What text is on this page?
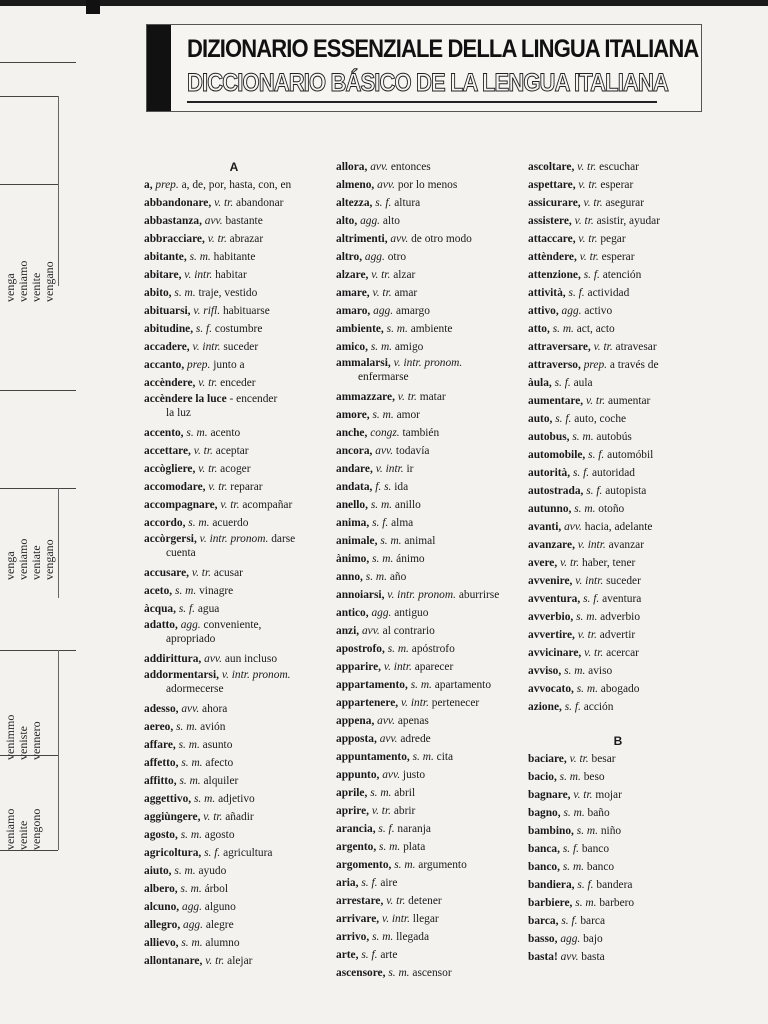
venga veniamo venite vengano
venga veniamo veniate vengano
venimmo veniste vennero
veniamo venite vengono
DIZIONARIO ESSENZIALE DELLA LINGUA ITALIANA
DICCIONARIO BÁSICO DE LA LENGUA ITALIANA
A
a, prep. a, de, por, hasta, con, en
abbandonare, v. tr. abandonar
abbastanza, avv. bastante
abbracciare, v. tr. abrazar
abitante, s. m. habitante
abitare, v. intr. habitar
abito, s. m. traje, vestido
abituarsi, v. rifl. habituarse
abitudine, s. f. costumbre
accadere, v. intr. suceder
accanto, prep. junto a
accèndere, v. tr. enceder
accèndere la luce - encender
la luz
accento, s. m. acento
accettare, v. tr. aceptar
accògliere, v. tr. acoger
accomodare, v. tr. reparar
accompagnare, v. tr. acompañar
accordo, s. m. acuerdo
accòrgersi, v. intr. pronom. darse
cuenta
accusare, v. tr. acusar
aceto, s. m. vinagre
àcqua, s. f. agua
adatto, agg. conveniente,
apropriado
addirittura, avv. aun incluso
addormentarsi, v. intr. pronom.
adormecerse
adesso, avv. ahora
aereo, s. m. avión
affare, s. m. asunto
affetto, s. m. afecto
affitto, s. m. alquiler
aggettivo, s. m. adjetivo
aggiùngere, v. tr. añadir
agosto, s. m. agosto
agricoltura, s. f. agricultura
aiuto, s. m. ayudo
albero, s. m. árbol
alcuno, agg. alguno
allegro, agg. alegre
allievo, s. m. alumno
allontanare, v. tr. alejar
allora, avv. entonces
almeno, avv. por lo menos
altezza, s. f. altura
alto, agg. alto
altrimenti, avv. de otro modo
altro, agg. otro
alzare, v. tr. alzar
amare, v. tr. amar
amaro, agg. amargo
ambiente, s. m. ambiente
amico, s. m. amigo
ammalarsi, v. intr. pronom.
enfermarse
ammazzare, v. tr. matar
amore, s. m. amor
anche, congz. también
ancora, avv. todavía
andare, v. intr. ir
andata, f. s. ida
anello, s. m. anillo
anima, s. f. alma
animale, s. m. animal
ànimo, s. m. ánimo
anno, s. m. año
annoiarsi, v. intr. pronom. aburrirse
antico, agg. antiguo
anzi, avv. al contrario
apostrofo, s. m. apóstrofo
apparire, v. intr. aparecer
appartamento, s. m. apartamento
appartenere, v. intr. pertenecer
appena, avv. apenas
apposta, avv. adrede
appuntamento, s. m. cita
appunto, avv. justo
aprile, s. m. abril
aprire, v. tr. abrir
arancia, s. f. naranja
argento, s. m. plata
argomento, s. m. argumento
aria, s. f. aire
arrestare, v. tr. detener
arrivare, v. intr. llegar
arrivo, s. m. llegada
arte, s. f. arte
ascensore, s. m. ascensor
ascoltare, v. tr. escuchar
aspettare, v. tr. esperar
assicurare, v. tr. asegurar
assistere, v. tr. asistir, ayudar
attaccare, v. tr. pegar
attèndere, v. tr. esperar
attenzione, s. f. atención
attività, s. f. actividad
attivo, agg. activo
atto, s. m. act, acto
attraversare, v. tr. atravesar
attraverso, prep. a través de
àula, s. f. aula
aumentare, v. tr. aumentar
auto, s. f. auto, coche
autobus, s. m. autobús
automobile, s. f. automóbil
autorità, s. f. autoridad
autostrada, s. f. autopista
autunno, s. m. otoño
avanti, avv. hacia, adelante
avanzare, v. intr. avanzar
avere, v. tr. haber, tener
avvenire, v. intr. suceder
avventura, s. f. aventura
avverbio, s. m. adverbio
avvertire, v. tr. advertir
avvicinare, v. tr. acercar
avviso, s. m. aviso
avvocato, s. m. abogado
azione, s. f. acción
B
baciare, v. tr. besar
bacio, s. m. beso
bagnare, v. tr. mojar
bagno, s. m. baño
bambino, s. m. niño
banca, s. f. banco
banco, s. m. banco
bandiera, s. f. bandera
barbiere, s. m. barbero
barca, s. f. barca
basso, agg. bajo
basta! avv. basta
